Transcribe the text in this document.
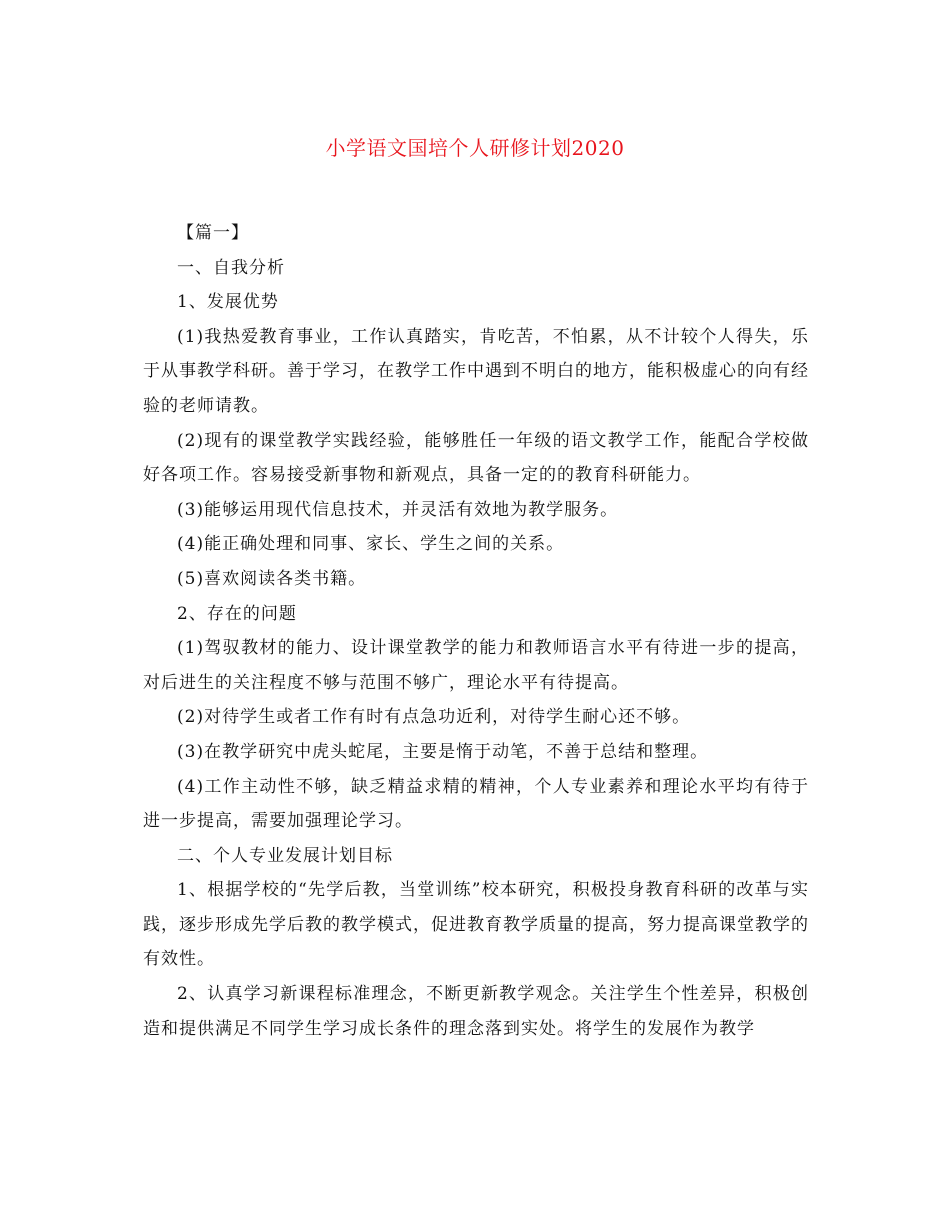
小学语文国培个人研修计划2020

【篇一】

一、自我分析

1、发展优势

(1)我热爱教育事业，工作认真踏实，肯吃苦，不怕累，从不计较个人得失，乐于从事教学科研。善于学习，在教学工作中遇到不明白的地方，能积极虚心的向有经验的老师请教。

(2)现有的课堂教学实践经验，能够胜任一年级的语文教学工作，能配合学校做好各项工作。容易接受新事物和新观点，具备一定的的教育科研能力。

(3)能够运用现代信息技术，并灵活有效地为教学服务。

(4)能正确处理和同事、家长、学生之间的关系。

(5)喜欢阅读各类书籍。

2、存在的问题

(1)驾驭教材的能力、设计课堂教学的能力和教师语言水平有待进一步的提高，对后进生的关注程度不够与范围不够广，理论水平有待提高。

(2)对待学生或者工作有时有点急功近利，对待学生耐心还不够。

(3)在教学研究中虎头蛇尾，主要是惰于动笔，不善于总结和整理。

(4)工作主动性不够，缺乏精益求精的精神，个人专业素养和理论水平均有待于进一步提高，需要加强理论学习。

二、个人专业发展计划目标

1、根据学校的“先学后教，当堂训练”校本研究，积极投身教育科研的改革与实践，逐步形成先学后教的教学模式，促进教育教学质量的提高，努力提高课堂教学的有效性。

2、认真学习新课程标准理念，不断更新教学观念。关注学生个性差异，积极创造和提供满足不同学生学习成长条件的理念落到实处。将学生的发展作为教学
